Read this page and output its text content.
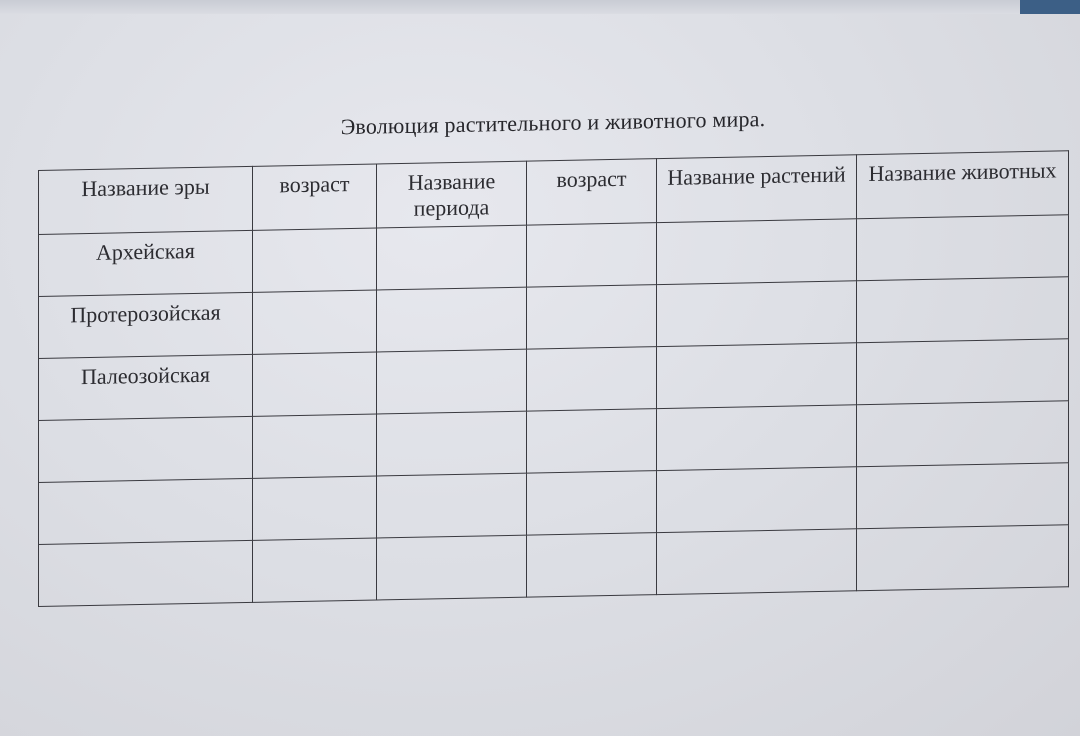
Эволюция растительного и животного мира.
Название эры	возраст	Название периода	возраст	Название растений	Название животных
Архейская					
Протерозойская					
Палеозойская					
